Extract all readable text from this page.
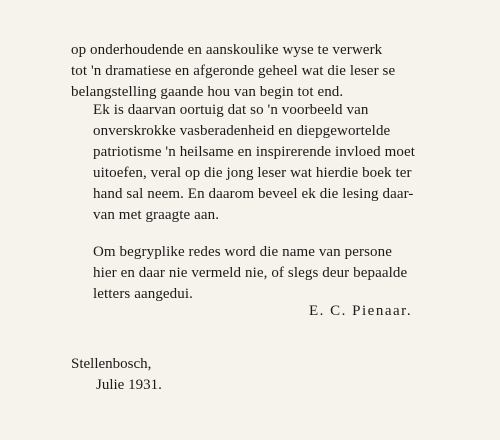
op onderhoudende en aanskoulike wyse te verwerk
tot 'n dramatiese en afgeronde geheel wat die leser se
belangstelling gaande hou van begin tot end.
Ek is daarvan oortuig dat so 'n voorbeeld van
onverskrokke vasberadenheid en diepgewortelde
patriotisme 'n heilsame en inspirerende invloed moet
uitoefen, veral op die jong leser wat hierdie boek ter
hand sal neem. En daarom beveel ek die lesing daar-
van met graagte aan.
Om begryplike redes word die name van persone
hier en daar nie vermeld nie, of slegs deur bepaalde
letters aangedui.
E. C. Pienaar.
Stellenbosch,
Julie 1931.
